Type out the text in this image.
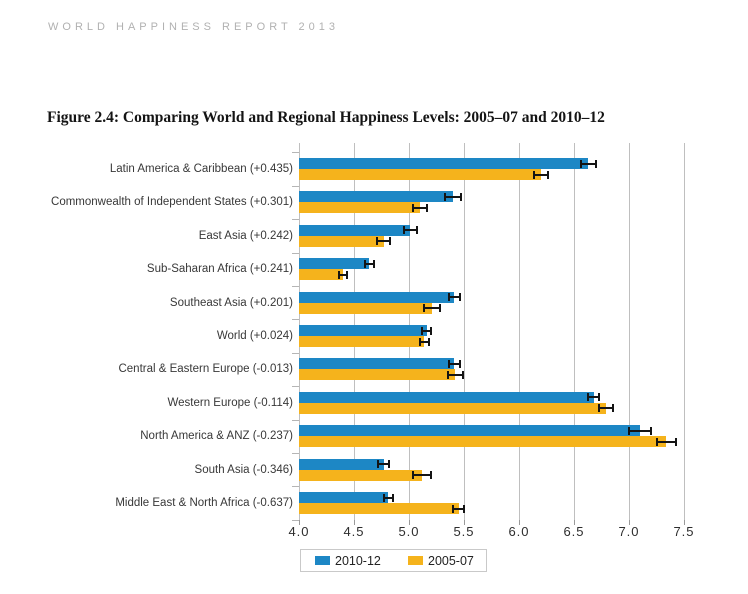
WORLD HAPPINESS REPORT 2013
Figure 2.4: Comparing World and Regional Happiness Levels: 2005–07 and 2010–12
4.0	4.5	5.0	5.5	6.0	6.5	7.0	7.5
Latin America & Caribbean (+0.435)
Commonwealth of Independent States (+0.301)
East Asia (+0.242)
Sub-Saharan Africa (+0.241)
Southeast Asia (+0.201)
World (+0.024)
Central & Eastern Europe (-0.013)
Western Europe (-0.114)
North America & ANZ (-0.237)
South Asia (-0.346)
Middle East & North Africa (-0.637)
2010-12	2005-07
